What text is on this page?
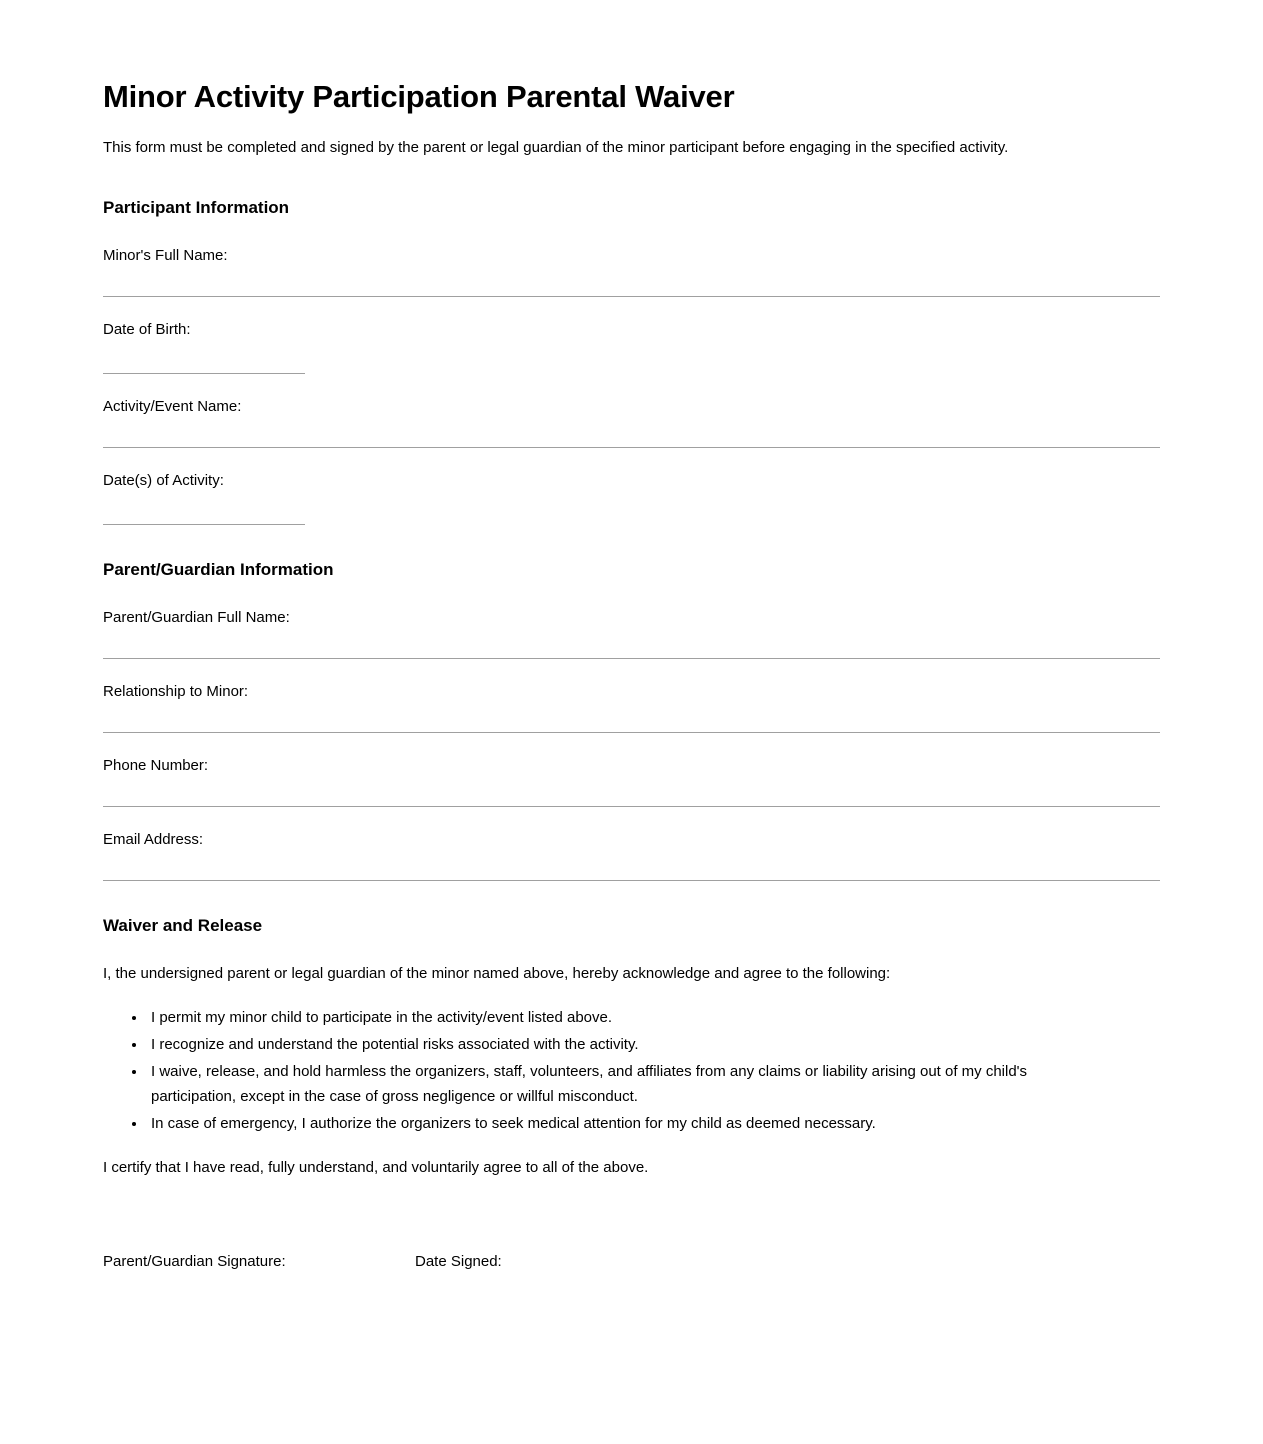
Minor Activity Participation Parental Waiver

This form must be completed and signed by the parent or legal guardian of the minor participant before engaging in the specified activity.

Participant Information
Minor's Full Name:
Date of Birth:
Activity/Event Name:
Date(s) of Activity:
Parent/Guardian Information
Parent/Guardian Full Name:
Relationship to Minor:
Phone Number:
Email Address:
Waiver and Release

I, the undersigned parent or legal guardian of the minor named above, hereby acknowledge and agree to the following:

• I permit my minor child to participate in the activity/event listed above.
• I recognize and understand the potential risks associated with the activity.
• I waive, release, and hold harmless the organizers, staff, volunteers, and affiliates from any claims or liability arising out of my child's participation, except in the case of gross negligence or willful misconduct.
• In case of emergency, I authorize the organizers to seek medical attention for my child as deemed necessary.

I certify that I have read, fully understand, and voluntarily agree to all of the above.

Parent/Guardian Signature:	Date Signed:
